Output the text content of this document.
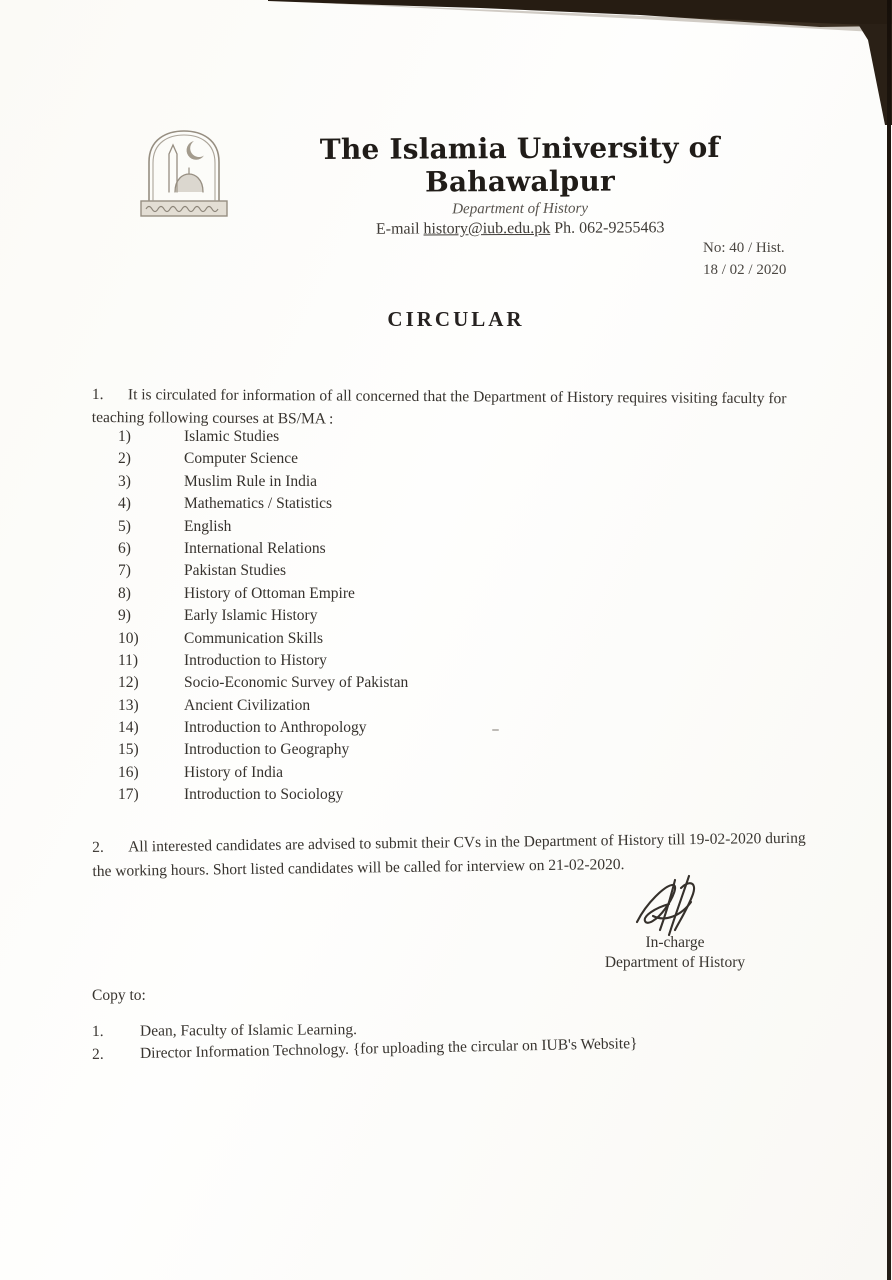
The Islamia University of Bahawalpur
Department of History
E-mail history@iub.edu.pk Ph. 062-9255463
No: 40 / Hist.
18 / 02 / 2020
CIRCULAR

1. It is circulated for information of all concerned that the Department of History requires visiting faculty for teaching following courses at BS/MA :

1)	Islamic Studies
2)	Computer Science
3)	Muslim Rule in India
4)	Mathematics / Statistics
5)	English
6)	International Relations
7)	Pakistan Studies
8)	History of Ottoman Empire
9)	Early Islamic History
10)	Communication Skills
11)	Introduction to History
12)	Socio-Economic Survey of Pakistan
13)	Ancient Civilization
14)	Introduction to Anthropology
15)	Introduction to Geography
16)	History of India
17)	Introduction to Sociology

2. All interested candidates are advised to submit their CVs in the Department of History till 19-02-2020 during the working hours. Short listed candidates will be called for interview on 21-02-2020.

In-charge
Department of History
Copy to:
1.	Dean, Faculty of Islamic Learning.
2.	Director Information Technology. {for uploading the circular on IUB's Website}
